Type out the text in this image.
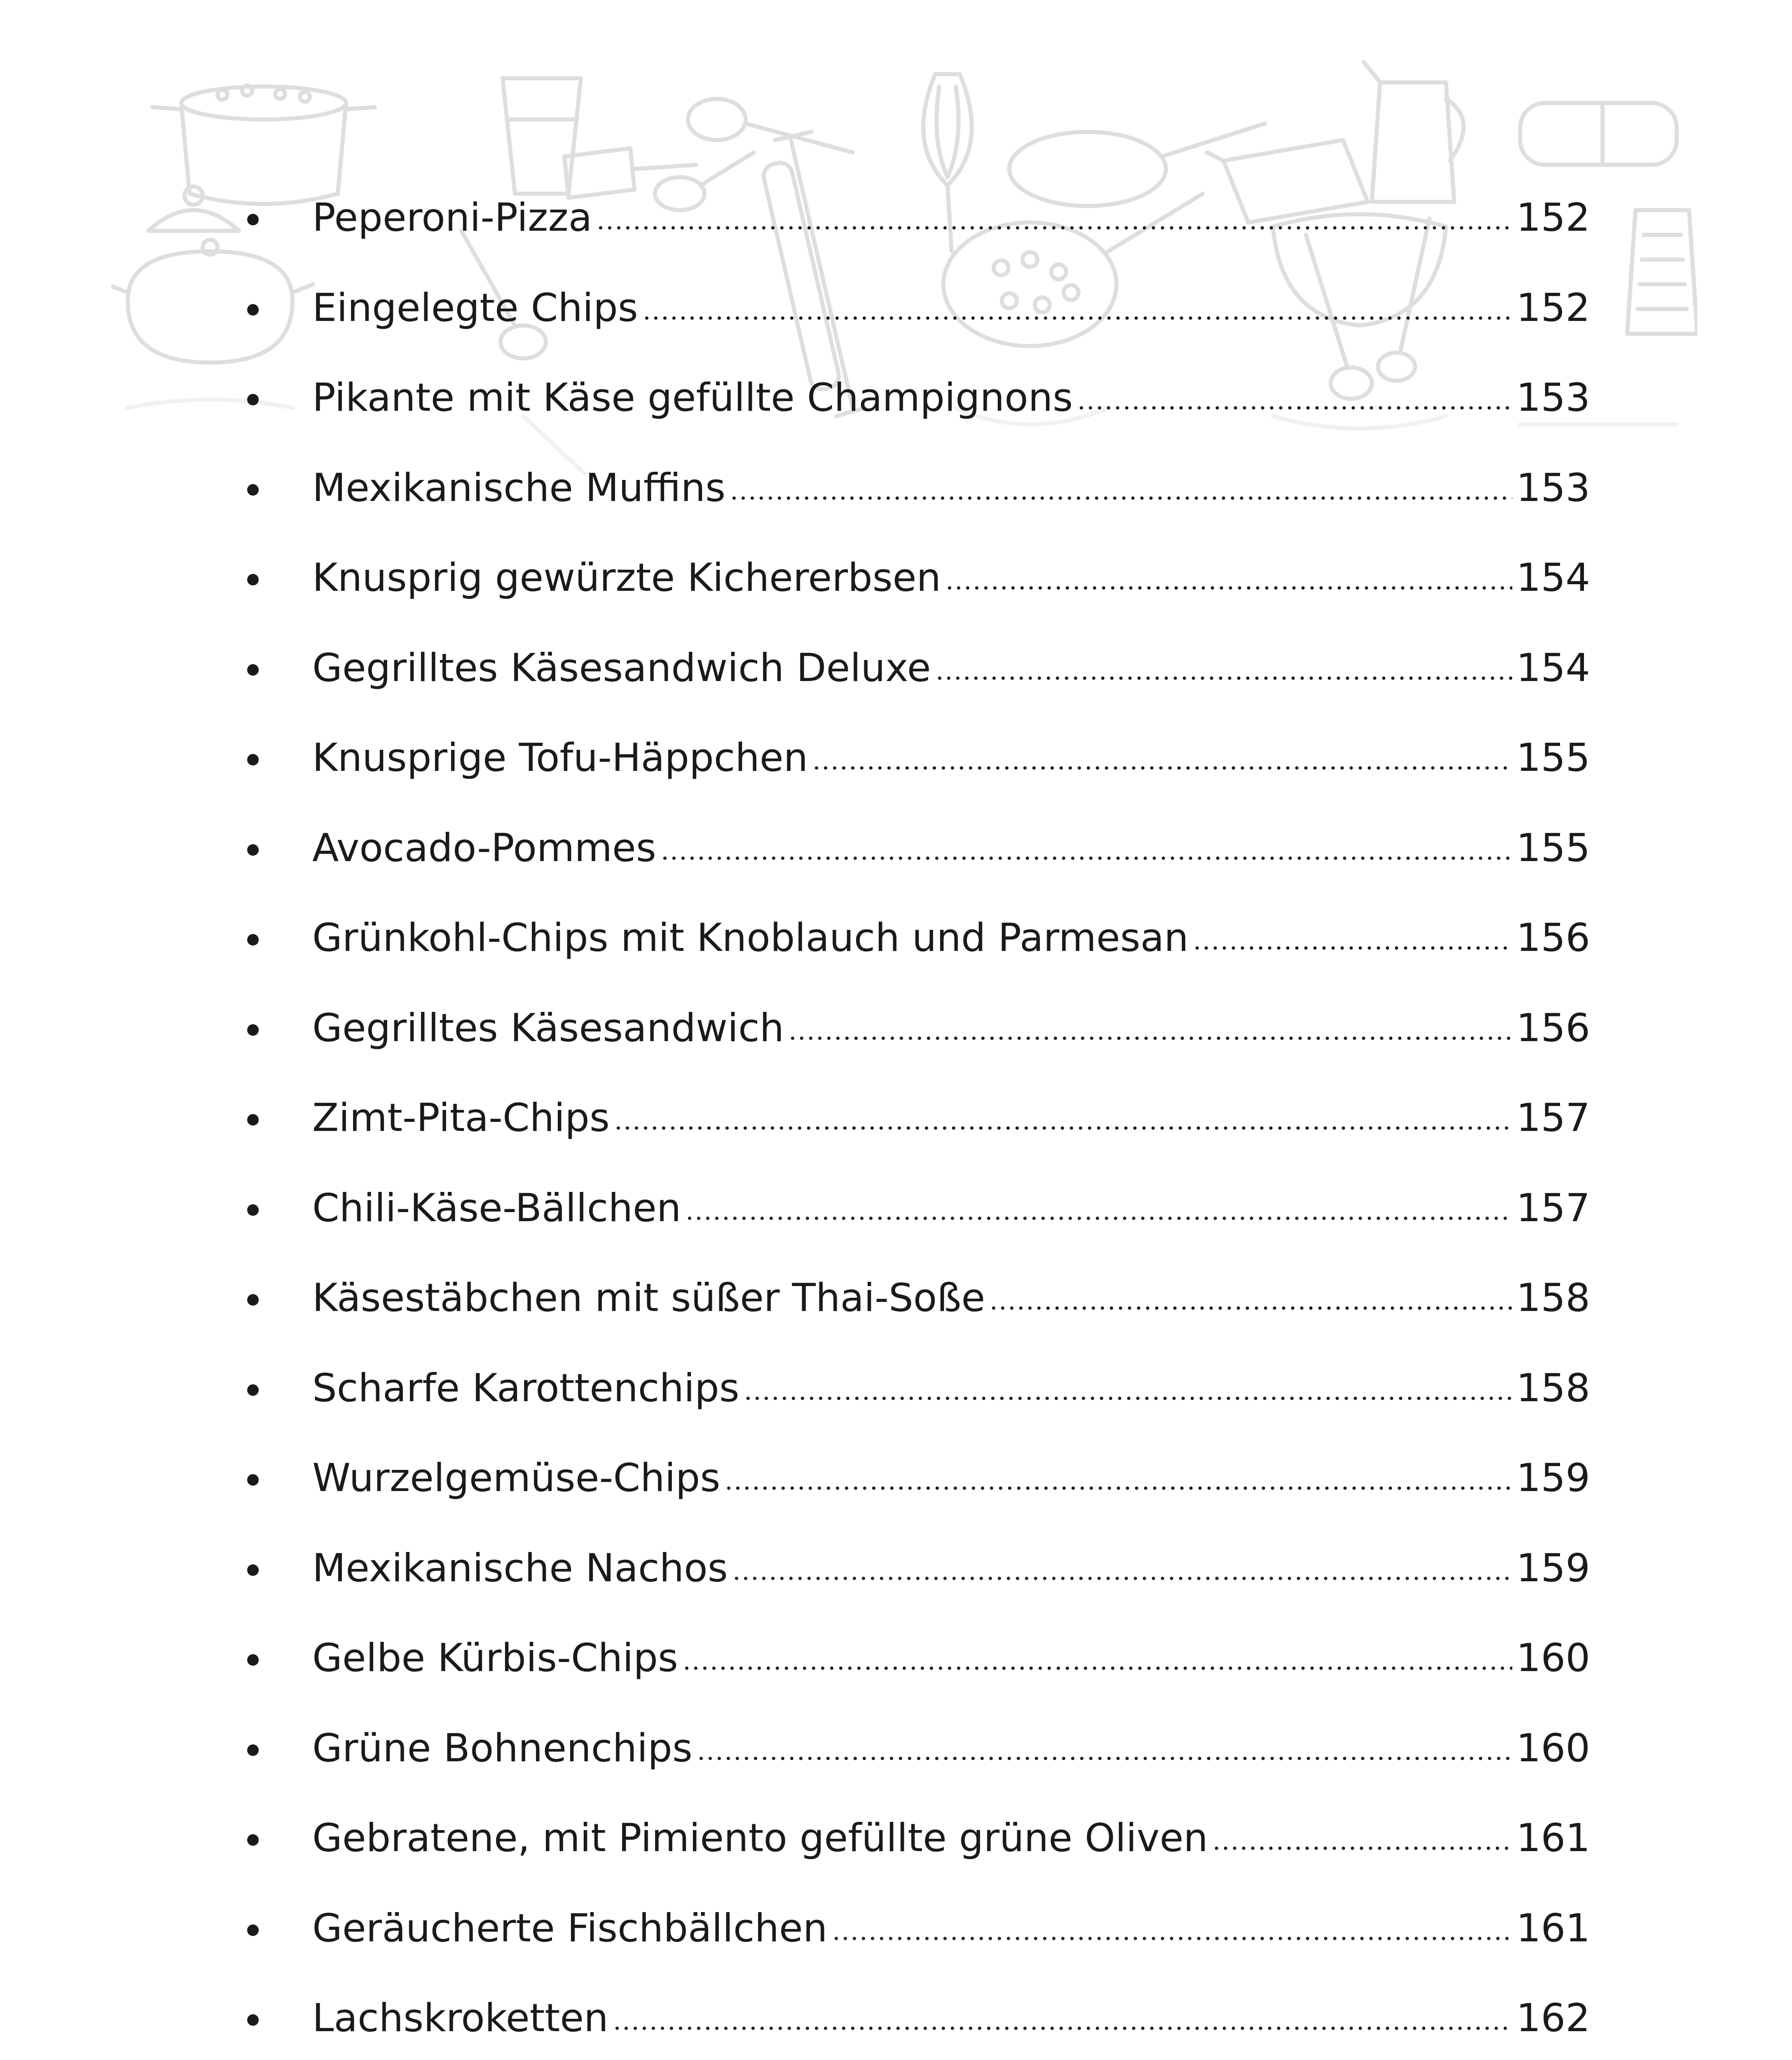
Peperoni-Pizza	152
Eingelegte Chips	152
Pikante mit Käse gefüllte Champignons	153
Mexikanische Muffins	153
Knusprig gewürzte Kichererbsen	154
Gegrilltes Käsesandwich Deluxe	154
Knusprige Tofu-Häppchen	155
Avocado-Pommes	155
Grünkohl-Chips mit Knoblauch und Parmesan	156
Gegrilltes Käsesandwich	156
Zimt-Pita-Chips	157
Chili-Käse-Bällchen	157
Käsestäbchen mit süßer Thai-Soße	158
Scharfe Karottenchips	158
Wurzelgemüse-Chips	159
Mexikanische Nachos	159
Gelbe Kürbis-Chips	160
Grüne Bohnenchips	160
Gebratene, mit Pimiento gefüllte grüne Oliven	161
Geräucherte Fischbällchen	161
Lachskroketten	162
